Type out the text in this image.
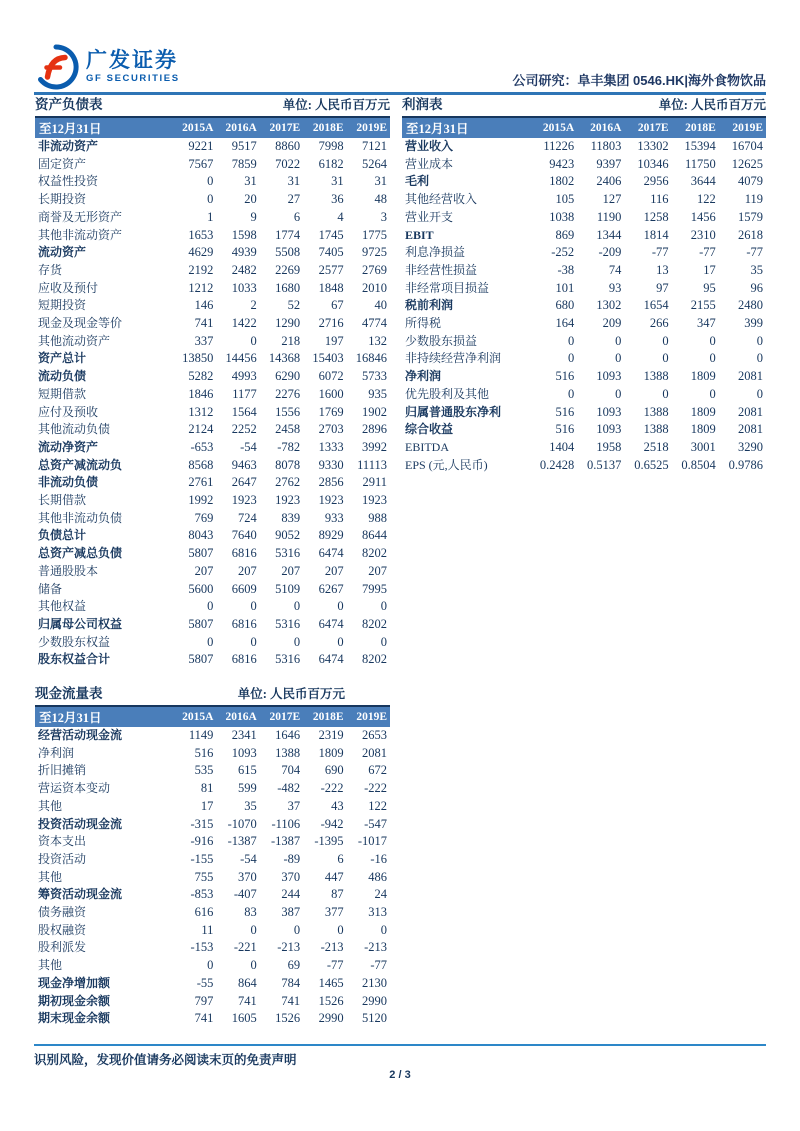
广发证券
GF SECURITIES	公司研究：阜丰集团 0546.HK|海外食物饮品
资产负债表	单位: 人民币百万元
至12月31日	2015A	2016A	2017E	2018E	2019E
非流动资产	9221	9517	8860	7998	7121
固定资产	7567	7859	7022	6182	5264
权益性投资	0	31	31	31	31
长期投资	0	20	27	36	48
商誉及无形资产	1	9	6	4	3
其他非流动资产	1653	1598	1774	1745	1775
流动资产	4629	4939	5508	7405	9725
存货	2192	2482	2269	2577	2769
应收及预付	1212	1033	1680	1848	2010
短期投资	146	2	52	67	40
现金及现金等价	741	1422	1290	2716	4774
其他流动资产	337	0	218	197	132
资产总计	13850	14456	14368	15403	16846
流动负债	5282	4993	6290	6072	5733
短期借款	1846	1177	2276	1600	935
应付及预收	1312	1564	1556	1769	1902
其他流动负债	2124	2252	2458	2703	2896
流动净资产	-653	-54	-782	1333	3992
总资产减流动负	8568	9463	8078	9330	11113
非流动负债	2761	2647	2762	2856	2911
长期借款	1992	1923	1923	1923	1923
其他非流动负债	769	724	839	933	988
负债总计	8043	7640	9052	8929	8644
总资产减总负债	5807	6816	5316	6474	8202
普通股股本	207	207	207	207	207
储备	5600	6609	5109	6267	7995
其他权益	0	0	0	0	0
归属母公司权益	5807	6816	5316	6474	8202
少数股东权益	0	0	0	0	0
股东权益合计	5807	6816	5316	6474	8202
利润表	单位: 人民币百万元
至12月31日	2015A	2016A	2017E	2018E	2019E
营业收入	11226	11803	13302	15394	16704
营业成本	9423	9397	10346	11750	12625
毛利	1802	2406	2956	3644	4079
其他经营收入	105	127	116	122	119
营业开支	1038	1190	1258	1456	1579
EBIT	869	1344	1814	2310	2618
利息净损益	-252	-209	-77	-77	-77
非经营性损益	-38	74	13	17	35
非经常项目损益	101	93	97	95	96
税前利润	680	1302	1654	2155	2480
所得税	164	209	266	347	399
少数股东损益	0	0	0	0	0
非持续经营净利润	0	0	0	0	0
净利润	516	1093	1388	1809	2081
优先股利及其他	0	0	0	0	0
归属普通股东净利	516	1093	1388	1809	2081
综合收益	516	1093	1388	1809	2081
EBITDA	1404	1958	2518	3001	3290
EPS (元,人民币)	0.2428	0.5137	0.6525	0.8504	0.9786
现金流量表	单位: 人民币百万元
至12月31日	2015A	2016A	2017E	2018E	2019E
经营活动现金流	1149	2341	1646	2319	2653
净利润	516	1093	1388	1809	2081
折旧摊销	535	615	704	690	672
营运资本变动	81	599	-482	-222	-222
其他	17	35	37	43	122
投资活动现金流	-315	-1070	-1106	-942	-547
资本支出	-916	-1387	-1387	-1395	-1017
投资活动	-155	-54	-89	6	-16
其他	755	370	370	447	486
筹资活动现金流	-853	-407	244	87	24
债务融资	616	83	387	377	313
股权融资	11	0	0	0	0
股利派发	-153	-221	-213	-213	-213
其他	0	0	69	-77	-77
现金净增加额	-55	864	784	1465	2130
期初现金余额	797	741	741	1526	2990
期末现金余额	741	1605	1526	2990	5120
识别风险，发现价值请务必阅读末页的免责声明
2 / 3
